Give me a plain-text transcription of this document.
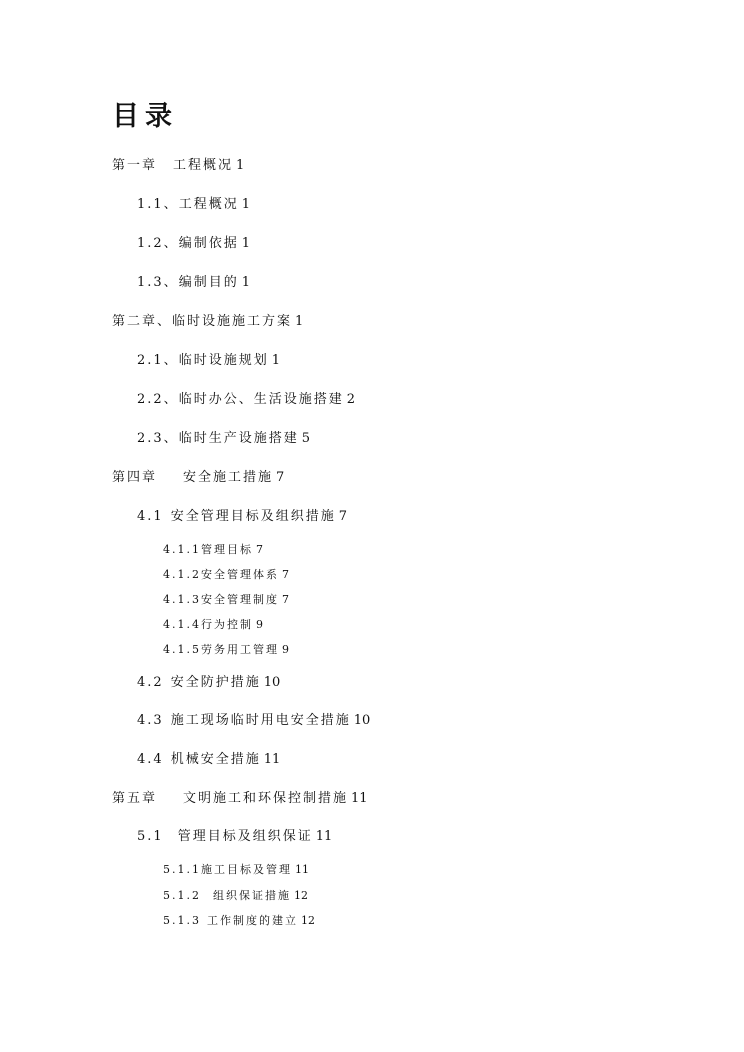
目录
第一章 工程概况 1
1.1、工程概况 1
1.2、编制依据 1
1.3、编制目的 1
第二章、临时设施施工方案 1
2.1、临时设施规划 1
2.2、临时办公、生活设施搭建 2
2.3、临时生产设施搭建 5
第四章 安全施工措施 7
4.1 安全管理目标及组织措施 7
4.1.1管理目标 7
4.1.2安全管理体系 7
4.1.3安全管理制度 7
4.1.4行为控制 9
4.1.5劳务用工管理 9
4.2 安全防护措施 10
4.3 施工现场临时用电安全措施 10
4.4 机械安全措施 11
第五章 文明施工和环保控制措施 11
5.1 管理目标及组织保证 11
5.1.1施工目标及管理 11
5.1.2 组织保证措施 12
5.1.3 工作制度的建立 12
